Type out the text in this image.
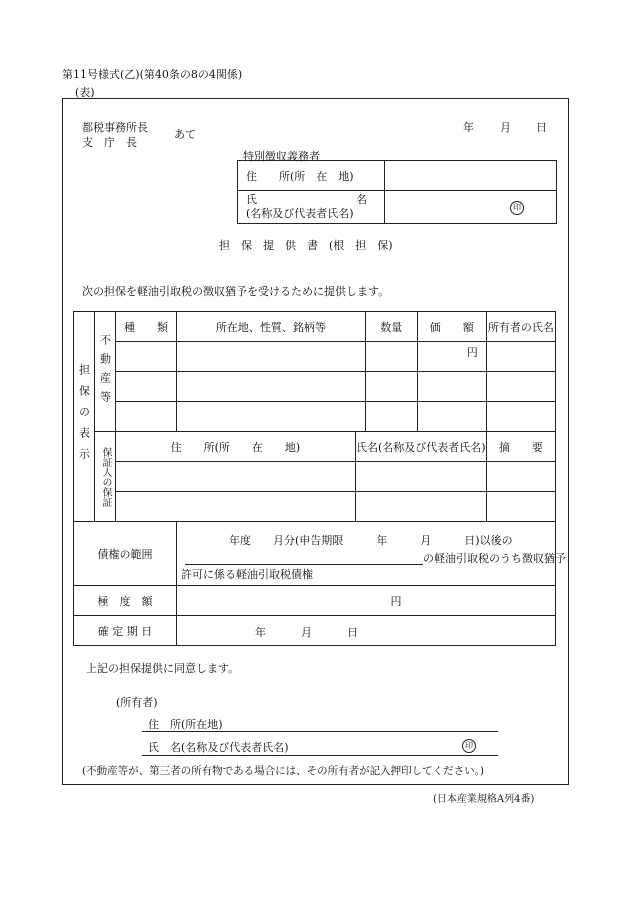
第11号様式(乙)(第40条の8の4関係)
(表)
都税事務所長
支　庁　長
あて
年 月 日
特別徴収義務者
住　　所(所　在　地)	

氏　　　　　　　　　名
(名称及び代表者氏名)	印
担　保　提　供　書　(根　担　保)
次の担保を軽油引取税の徴収猶予を受けるために提供します。
担保の表示	不動産等	種　　類	所在地、性質、銘柄等		数量	価　　額	所有者の氏名
						円	

	保証人の保証	住　　所(所　　在　　地)		氏名(名称及び代表者氏名)			摘　　要

債権の範囲			年度　　月分(申告期限　　　年　　　月　　　日)以後の
の軽油引取税のうち徴収猶予
許可に係る軽油引取税債権				

極　度　額			円				
確 定 期 日			年 月 日				
上記の担保提供に同意します。
(所有者)
住　所(所在地)
氏　名(名称及び代表者氏名)	印
(不動産等が、第三者の所有物である場合には、その所有者が記入押印してください。)
(日本産業規格A列4番)
